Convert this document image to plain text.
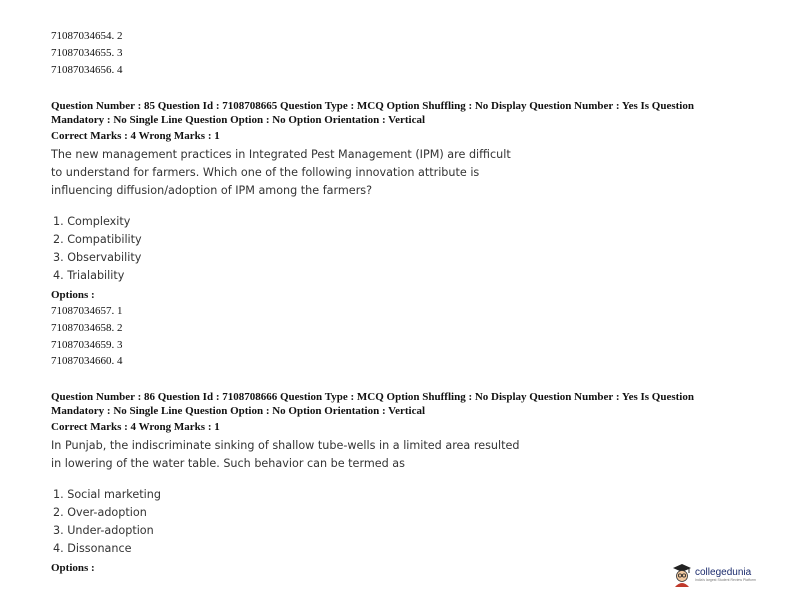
71087034654. 2
71087034655. 3
71087034656. 4
Question Number : 85 Question Id : 7108708665 Question Type : MCQ Option Shuffling : No Display Question Number : Yes Is Question Mandatory : No Single Line Question Option : No Option Orientation : Vertical
Correct Marks : 4 Wrong Marks : 1
The new management practices in Integrated Pest Management (IPM) are difficult to understand for farmers. Which one of the following innovation attribute is influencing diffusion/adoption of IPM among the farmers?
1. Complexity
2. Compatibility
3. Observability
4. Trialability
Options :
71087034657. 1
71087034658. 2
71087034659. 3
71087034660. 4
Question Number : 86 Question Id : 7108708666 Question Type : MCQ Option Shuffling : No Display Question Number : Yes Is Question Mandatory : No Single Line Question Option : No Option Orientation : Vertical
Correct Marks : 4 Wrong Marks : 1
In Punjab, the indiscriminate sinking of shallow tube-wells in a limited area resulted in lowering of the water table. Such behavior can be termed as
1. Social marketing
2. Over-adoption
3. Under-adoption
4. Dissonance
Options :	collegedunia
India's largest Student Review Platform
